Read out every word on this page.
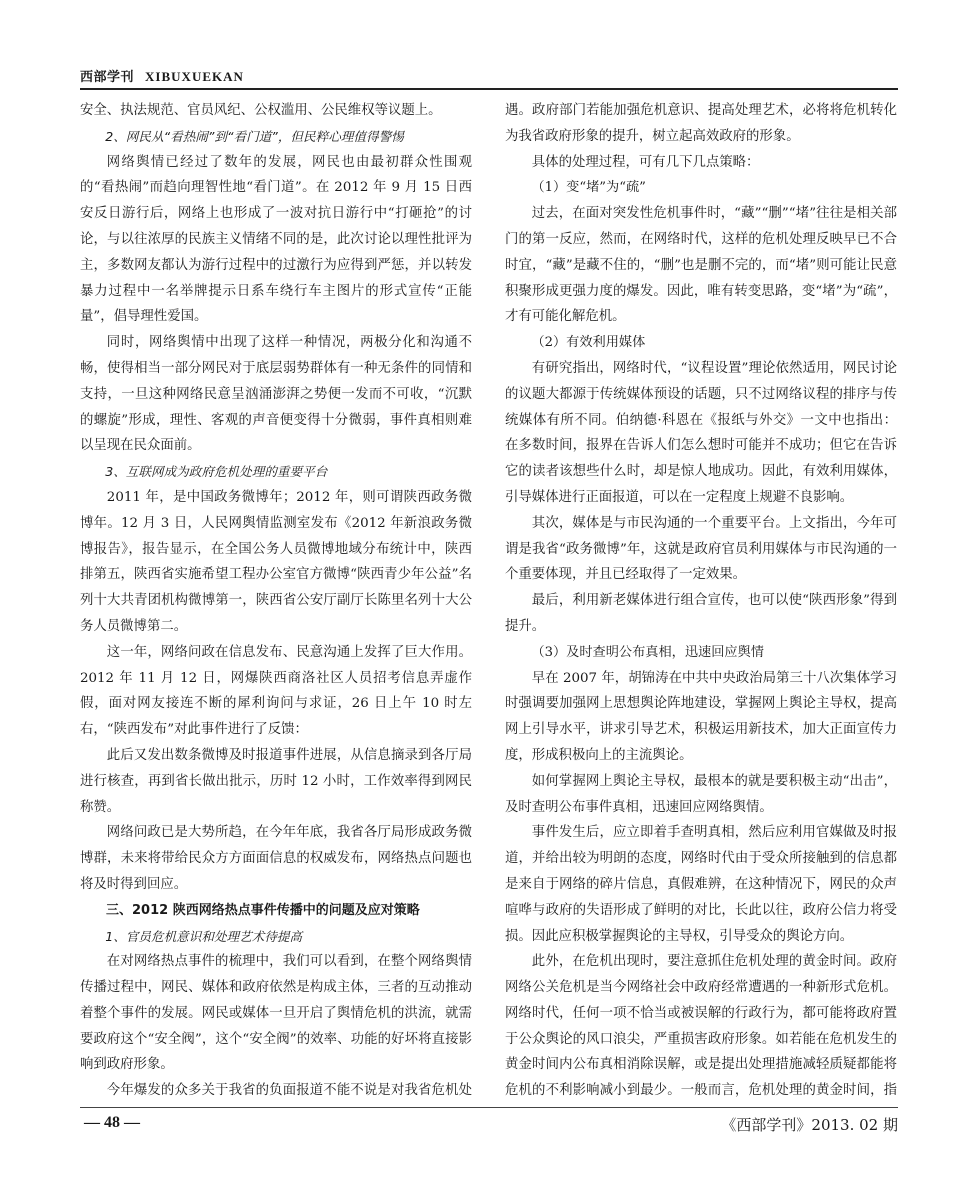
西部学刊 XIBUXUEKAN

安全、执法规范、官员风纪、公权滥用、公民维权等议题上。

2、网民从“看热闹”到“看门道”，但民粹心理值得警惕

网络舆情已经过了数年的发展，网民也由最初群众性围观的“看热闹”而趋向理智性地“看门道”。在 2012 年 9 月 15 日西安反日游行后，网络上也形成了一波对抗日游行中“打砸抢”的讨论，与以往浓厚的民族主义情绪不同的是，此次讨论以理性批评为主，多数网友都认为游行过程中的过激行为应得到严惩，并以转发暴力过程中一名举牌提示日系车绕行车主图片的形式宣传“正能量”，倡导理性爱国。

同时，网络舆情中出现了这样一种情况，两极分化和沟通不畅，使得相当一部分网民对于底层弱势群体有一种无条件的同情和支持，一旦这种网络民意呈汹涌澎湃之势便一发而不可收，“沉默的螺旋”形成，理性、客观的声音便变得十分微弱，事件真相则难以呈现在民众面前。

3、互联网成为政府危机处理的重要平台

2011 年，是中国政务微博年；2012 年，则可谓陕西政务微博年。12 月 3 日，人民网舆情监测室发布《2012 年新浪政务微博报告》，报告显示，在全国公务人员微博地域分布统计中，陕西排第五，陕西省实施希望工程办公室官方微博“陕西青少年公益”名列十大共青团机构微博第一，陕西省公安厅副厅长陈里名列十大公务人员微博第二。

这一年，网络问政在信息发布、民意沟通上发挥了巨大作用。2012 年 11 月 12 日，网爆陕西商洛社区人员招考信息弄虚作假，面对网友接连不断的犀利询问与求证，26 日上午 10 时左右，“陕西发布”对此事件进行了反馈：

此后又发出数条微博及时报道事件进展，从信息摘录到各厅局进行核查，再到省长做出批示，历时 12 小时，工作效率得到网民称赞。

网络问政已是大势所趋，在今年年底，我省各厅局形成政务微博群，未来将带给民众方方面面信息的权威发布，网络热点问题也将及时得到回应。

三、2012 陕西网络热点事件传播中的问题及应对策略

1、官员危机意识和处理艺术待提高

在对网络热点事件的梳理中，我们可以看到，在整个网络舆情传播过程中，网民、媒体和政府依然是构成主体，三者的互动推动着整个事件的发展。网民或媒体一旦开启了舆情危机的洪流，就需要政府这个“安全阀”，这个“安全阀”的效率、功能的好坏将直接影响到政府形象。

今年爆发的众多关于我省的负面报道不能不说是对我省危机处

遇。政府部门若能加强危机意识、提高处理艺术，必将将危机转化为我省政府形象的提升，树立起高效政府的形象。

具体的处理过程，可有几下几点策略：

（1）变“堵”为“疏”

过去，在面对突发性危机事件时，“藏”“删”“堵”往往是相关部门的第一反应，然而，在网络时代，这样的危机处理反映早已不合时宜，“藏”是藏不住的，“删”也是删不完的，而“堵”则可能让民意积聚形成更强力度的爆发。因此，唯有转变思路，变“堵”为“疏”，才有可能化解危机。

（2）有效利用媒体

有研究指出，网络时代，“议程设置”理论依然适用，网民讨论的议题大都源于传统媒体预设的话题，只不过网络议程的排序与传统媒体有所不同。伯纳德·科恩在《报纸与外交》一文中也指出：在多数时间，报界在告诉人们怎么想时可能并不成功；但它在告诉它的读者该想些什么时，却是惊人地成功。因此，有效利用媒体，引导媒体进行正面报道，可以在一定程度上规避不良影响。

其次，媒体是与市民沟通的一个重要平台。上文指出，今年可谓是我省“政务微博”年，这就是政府官员利用媒体与市民沟通的一个重要体现，并且已经取得了一定效果。

最后，利用新老媒体进行组合宣传，也可以使“陕西形象”得到提升。

（3）及时查明公布真相，迅速回应舆情

早在 2007 年，胡锦涛在中共中央政治局第三十八次集体学习时强调要加强网上思想舆论阵地建设，掌握网上舆论主导权，提高网上引导水平，讲求引导艺术，积极运用新技术，加大正面宣传力度，形成积极向上的主流舆论。

如何掌握网上舆论主导权，最根本的就是要积极主动“出击”，及时查明公布事件真相，迅速回应网络舆情。

事件发生后，应立即着手查明真相，然后应利用官媒做及时报道，并给出较为明朗的态度，网络时代由于受众所接触到的信息都是来自于网络的碎片信息，真假难辨，在这种情况下，网民的众声喧哗与政府的失语形成了鲜明的对比，长此以往，政府公信力将受损。因此应积极掌握舆论的主导权，引导受众的舆论方向。

此外，在危机出现时，要注意抓住危机处理的黄金时间。政府网络公关危机是当今网络社会中政府经常遭遇的一种新形式危机。网络时代，任何一项不恰当或被误解的行政行为，都可能将政府置于公众舆论的风口浪尖，严重损害政府形象。如若能在危机发生的黄金时间内公布真相消除误解，或是提出处理措施减轻质疑都能将危机的不利影响减小到最少。一般而言，危机处理的黄金时间，指

— 48 —	《西部学刊》2013. 02 期
